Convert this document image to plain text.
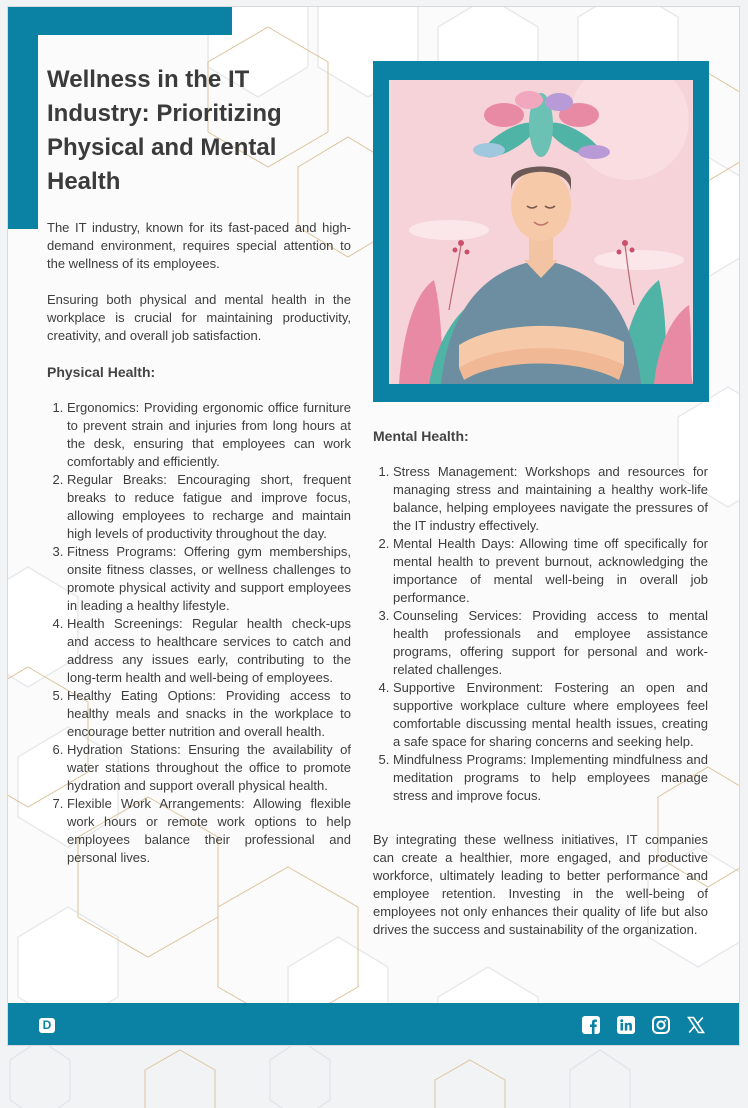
Wellness in the IT Industry: Prioritizing Physical and Mental Health

The IT industry, known for its fast-paced and high-demand environment, requires special attention to the wellness of its employees.

Ensuring both physical and mental health in the workplace is crucial for maintaining productivity, creativity, and overall job satisfaction.

Physical Health:
1. Ergonomics: Providing ergonomic office furniture to prevent strain and injuries from long hours at the desk, ensuring that employees can work comfortably and efficiently.
2. Regular Breaks: Encouraging short, frequent breaks to reduce fatigue and improve focus, allowing employees to recharge and maintain high levels of productivity throughout the day.
3. Fitness Programs: Offering gym memberships, onsite fitness classes, or wellness challenges to promote physical activity and support employees in leading a healthy lifestyle.
4. Health Screenings: Regular health check-ups and access to healthcare services to catch and address any issues early, contributing to the long-term health and well-being of employees.
5. Healthy Eating Options: Providing access to healthy meals and snacks in the workplace to encourage better nutrition and overall health.
6. Hydration Stations: Ensuring the availability of water stations throughout the office to promote hydration and support overall physical health.
7. Flexible Work Arrangements: Allowing flexible work hours or remote work options to help employees balance their professional and personal lives.
Mental Health:
1. Stress Management: Workshops and resources for managing stress and maintaining a healthy work-life balance, helping employees navigate the pressures of the IT industry effectively.
2. Mental Health Days: Allowing time off specifically for mental health to prevent burnout, acknowledging the importance of mental well-being in overall job performance.
3. Counseling Services: Providing access to mental health professionals and employee assistance programs, offering support for personal and work-related challenges.
4. Supportive Environment: Fostering an open and supportive workplace culture where employees feel comfortable discussing mental health issues, creating a safe space for sharing concerns and seeking help.
5. Mindfulness Programs: Implementing mindfulness and meditation programs to help employees manage stress and improve focus.

By integrating these wellness initiatives, IT companies can create a healthier, more engaged, and productive workforce, ultimately leading to better performance and employee retention. Investing in the well-being of employees not only enhances their quality of life but also drives the success and sustainability of the organization.

D
